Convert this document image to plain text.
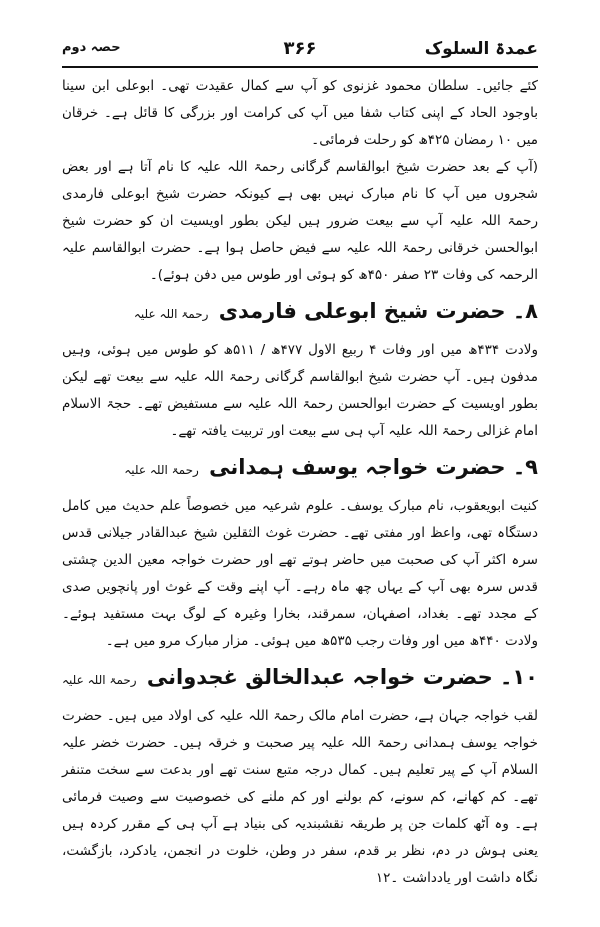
عمدۃ السلوک
۳۶۶
حصہ دوم

کئے جائیں۔ سلطان محمود غزنوی کو آپ سے کمال عقیدت تھی۔ ابوعلی ابن سینا باوجود الحاد کے اپنی کتاب شفا میں آپ کی کرامت اور بزرگی کا قائل ہے۔ خرقان میں ۱۰ رمضان ۴۲۵ھ کو رحلت فرمائی۔

(آپ کے بعد حضرت شیخ ابوالقاسم گرگانی رحمۃ اللہ علیہ کا نام آتا ہے اور بعض شجروں میں آپ کا نام مبارک نہیں بھی ہے کیونکہ حضرت شیخ ابوعلی فارمدی رحمۃ اللہ علیہ آپ سے بیعت ضرور ہیں لیکن بطور اویسیت ان کو حضرت شیخ ابوالحسن خرقانی رحمۃ اللہ علیہ سے فیض حاصل ہوا ہے۔ حضرت ابوالقاسم علیہ الرحمہ کی وفات ۲۳ صفر ۴۵۰ھ کو ہوئی اور طوس میں دفن ہوئے)۔

۸۔ حضرت شیخ ابوعلی فارمدی رحمۃ اللہ علیہ

ولادت ۴۳۴ھ میں اور وفات ۴ ربیع الاول ۴۷۷ھ / ۵۱۱ھ کو طوس میں ہوئی، وہیں مدفون ہیں۔ آپ حضرت شیخ ابوالقاسم گرگانی رحمۃ اللہ علیہ سے بیعت تھے لیکن بطور اویسیت کے حضرت ابوالحسن رحمۃ اللہ علیہ سے مستفیض تھے۔ حجۃ الاسلام امام غزالی رحمۃ اللہ علیہ آپ ہی سے بیعت اور تربیت یافتہ تھے۔

۹۔ حضرت خواجہ یوسف ہمدانی رحمۃ اللہ علیہ

کنیت ابویعقوب، نام مبارک یوسف۔ علوم شرعیہ میں خصوصاً علم حدیث میں کامل دستگاہ تھی، واعظ اور مفتی تھے۔ حضرت غوث الثقلین شیخ عبدالقادر جیلانی قدس سرہ اکثر آپ کی صحبت میں حاضر ہوتے تھے اور حضرت خواجہ معین الدین چشتی قدس سرہ بھی آپ کے یہاں چھ ماہ رہے۔ آپ اپنے وقت کے غوث اور پانچویں صدی کے مجدد تھے۔ بغداد، اصفہان، سمرقند، بخارا وغیرہ کے لوگ بہت مستفید ہوئے۔ ولادت ۴۴۰ھ میں اور وفات رجب ۵۳۵ھ میں ہوئی۔ مزار مبارک مرو میں ہے۔

۱۰۔ حضرت خواجہ عبدالخالق غجدوانی رحمۃ اللہ علیہ

لقب خواجہ جہان ہے، حضرت امام مالک رحمۃ اللہ علیہ کی اولاد میں ہیں۔ حضرت خواجہ یوسف ہمدانی رحمۃ اللہ علیہ پیر صحبت و خرقہ ہیں۔ حضرت خضر علیہ السلام آپ کے پیر تعلیم ہیں۔ کمال درجہ متبع سنت تھے اور بدعت سے سخت متنفر تھے۔ کم کھانے، کم سونے، کم بولنے اور کم ملنے کی خصوصیت سے وصیت فرمائی ہے۔ وہ آٹھ کلمات جن پر طریقہ نقشبندیہ کی بنیاد ہے آپ ہی کے مقرر کردہ ہیں یعنی ہوش در دم، نظر بر قدم، سفر در وطن، خلوت در انجمن، یادکرد، بازگشت، نگاہ داشت اور یادداشت ۔۱۲
